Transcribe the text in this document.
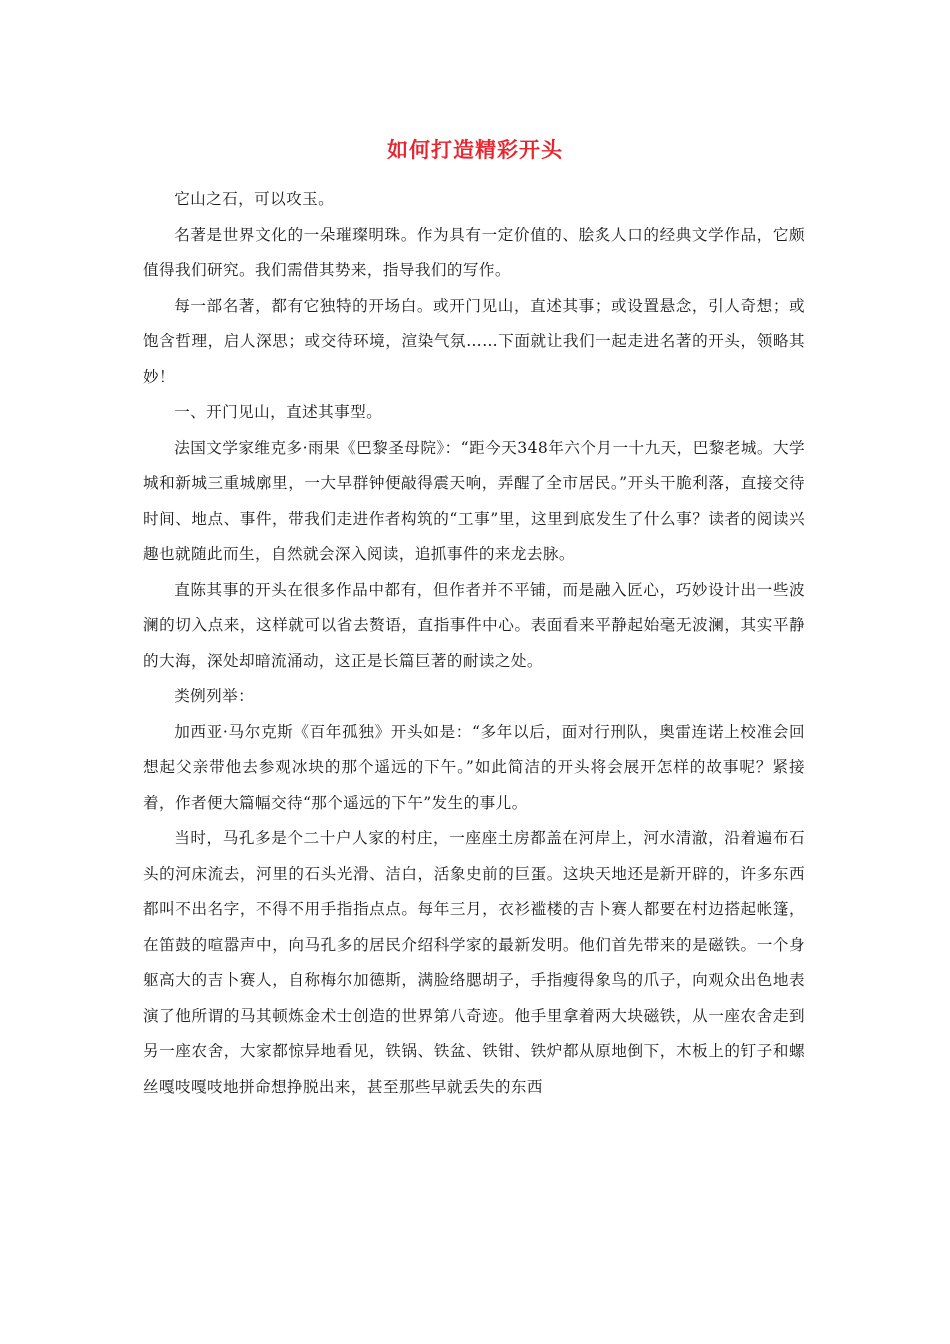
如何打造精彩开头

它山之石，可以攻玉。

名著是世界文化的一朵璀璨明珠。作为具有一定价值的、脍炙人口的经典文学作品，它颇值得我们研究。我们需借其势来，指导我们的写作。

每一部名著，都有它独特的开场白。或开门见山，直述其事；或设置悬念，引人奇想；或饱含哲理，启人深思；或交待环境，渲染气氛……下面就让我们一起走进名著的开头，领略其妙！

一、开门见山，直述其事型。

法国文学家维克多·雨果《巴黎圣母院》：“距今天348年六个月一十九天，巴黎老城。大学城和新城三重城廓里，一大早群钟便敲得震天响，弄醒了全市居民。”开头干脆利落，直接交待时间、地点、事件，带我们走进作者构筑的“工事”里，这里到底发生了什么事？读者的阅读兴趣也就随此而生，自然就会深入阅读，追抓事件的来龙去脉。

直陈其事的开头在很多作品中都有，但作者并不平铺，而是融入匠心，巧妙设计出一些波澜的切入点来，这样就可以省去赘语，直指事件中心。表面看来平静起始毫无波澜，其实平静的大海，深处却暗流涌动，这正是长篇巨著的耐读之处。

类例列举：

加西亚·马尔克斯《百年孤独》开头如是：“多年以后，面对行刑队，奥雷连诺上校准会回想起父亲带他去参观冰块的那个遥远的下午。”如此简洁的开头将会展开怎样的故事呢？紧接着，作者便大篇幅交待“那个遥远的下午”发生的事儿。

当时，马孔多是个二十户人家的村庄，一座座土房都盖在河岸上，河水清澈，沿着遍布石头的河床流去，河里的石头光滑、洁白，活象史前的巨蛋。这块天地还是新开辟的，许多东西都叫不出名字，不得不用手指指点点。每年三月，衣衫褴楼的吉卜赛人都要在村边搭起帐篷，在笛鼓的喧嚣声中，向马孔多的居民介绍科学家的最新发明。他们首先带来的是磁铁。一个身躯高大的吉卜赛人，自称梅尔加德斯，满脸络腮胡子，手指瘦得象鸟的爪子，向观众出色地表演了他所谓的马其顿炼金术士创造的世界第八奇迹。他手里拿着两大块磁铁，从一座农舍走到另一座农舍，大家都惊异地看见，铁锅、铁盆、铁钳、铁炉都从原地倒下，木板上的钉子和螺丝嘎吱嘎吱地拼命想挣脱出来，甚至那些早就丢失的东西
